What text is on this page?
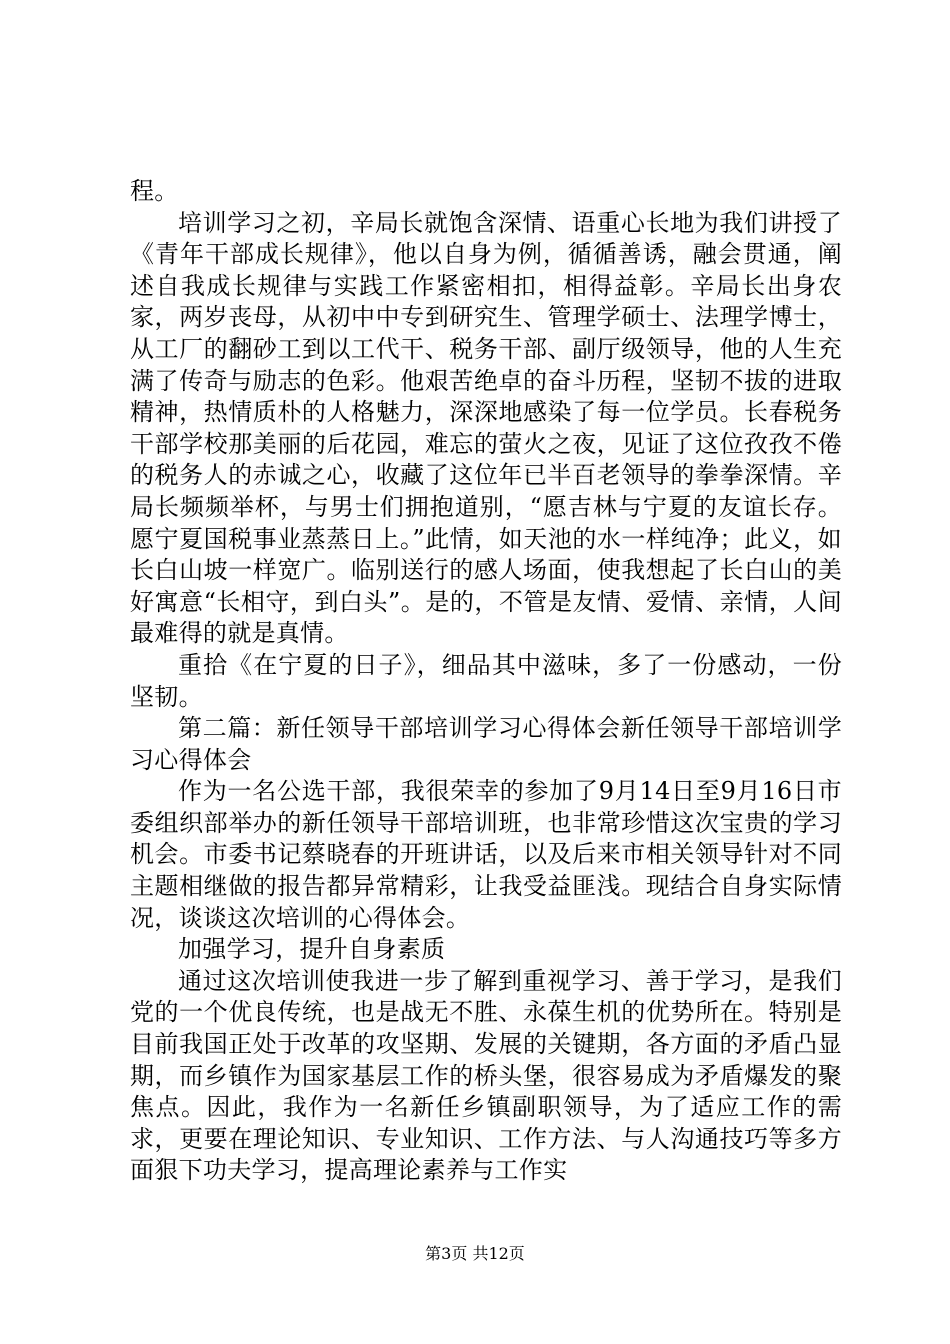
程。

培训学习之初，辛局长就饱含深情、语重心长地为我们讲授了《青年干部成长规律》，他以自身为例，循循善诱，融会贯通，阐述自我成长规律与实践工作紧密相扣，相得益彰。辛局长出身农家，两岁丧母，从初中中专到研究生、管理学硕士、法理学博士，从工厂的翻砂工到以工代干、税务干部、副厅级领导，他的人生充满了传奇与励志的色彩。他艰苦绝卓的奋斗历程，坚韧不拔的进取精神，热情质朴的人格魅力，深深地感染了每一位学员。长春税务干部学校那美丽的后花园，难忘的萤火之夜，见证了这位孜孜不倦的税务人的赤诚之心，收藏了这位年已半百老领导的拳拳深情。辛局长频频举杯，与男士们拥抱道别，“愿吉林与宁夏的友谊长存。愿宁夏国税事业蒸蒸日上。”此情，如天池的水一样纯净；此义，如长白山坡一样宽广。临别送行的感人场面，使我想起了长白山的美好寓意“长相守，到白头”。是的，不管是友情、爱情、亲情，人间最难得的就是真情。

重拾《在宁夏的日子》，细品其中滋味，多了一份感动，一份坚韧。

第二篇：新任领导干部培训学习心得体会新任领导干部培训学习心得体会

作为一名公选干部，我很荣幸的参加了9月14日至9月16日市委组织部举办的新任领导干部培训班，也非常珍惜这次宝贵的学习机会。市委书记蔡晓春的开班讲话，以及后来市相关领导针对不同主题相继做的报告都异常精彩，让我受益匪浅。现结合自身实际情况，谈谈这次培训的心得体会。

加强学习，提升自身素质

通过这次培训使我进一步了解到重视学习、善于学习，是我们党的一个优良传统，也是战无不胜、永葆生机的优势所在。特别是目前我国正处于改革的攻坚期、发展的关键期，各方面的矛盾凸显期，而乡镇作为国家基层工作的桥头堡，很容易成为矛盾爆发的聚焦点。因此，我作为一名新任乡镇副职领导，为了适应工作的需求，更要在理论知识、专业知识、工作方法、与人沟通技巧等多方面狠下功夫学习，提高理论素养与工作实

第3页 共12页
